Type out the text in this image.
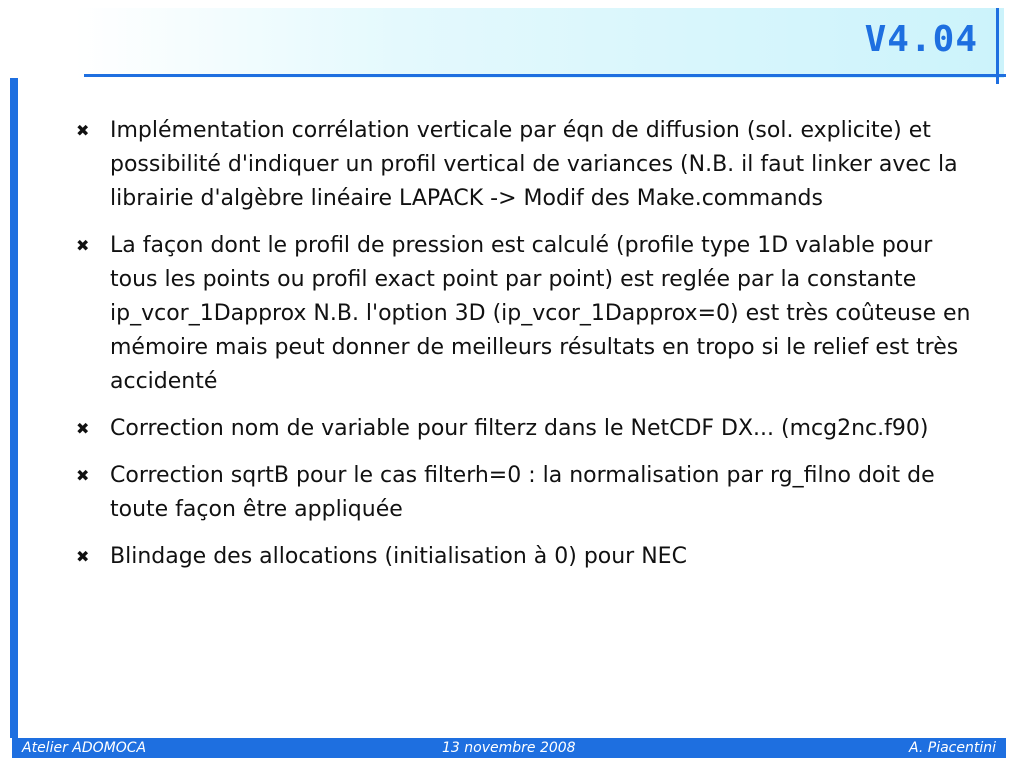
V4.04
✖ Implémentation corrélation verticale par éqn de diffusion (sol. explicite) et possibilité d'indiquer un profil vertical de variances (N.B. il faut linker avec la librairie d'algèbre linéaire LAPACK -> Modif des Make.commands
✖ La façon dont le profil de pression est calculé (profile type 1D valable pour tous les points ou profil exact point par point) est reglée par la constante ip_vcor_1Dapprox N.B. l'option 3D (ip_vcor_1Dapprox=0) est très coûteuse en mémoire mais peut donner de meilleurs résultats en tropo si le relief est très accidenté
✖ Correction nom de variable pour filterz dans le NetCDF DX... (mcg2nc.f90)
✖ Correction sqrtB pour le cas filterh=0 : la normalisation par rg_filno doit de toute façon être appliquée
✖ Blindage des allocations (initialisation à 0) pour NEC
Atelier ADOMOCA	13 novembre 2008	A. Piacentini
